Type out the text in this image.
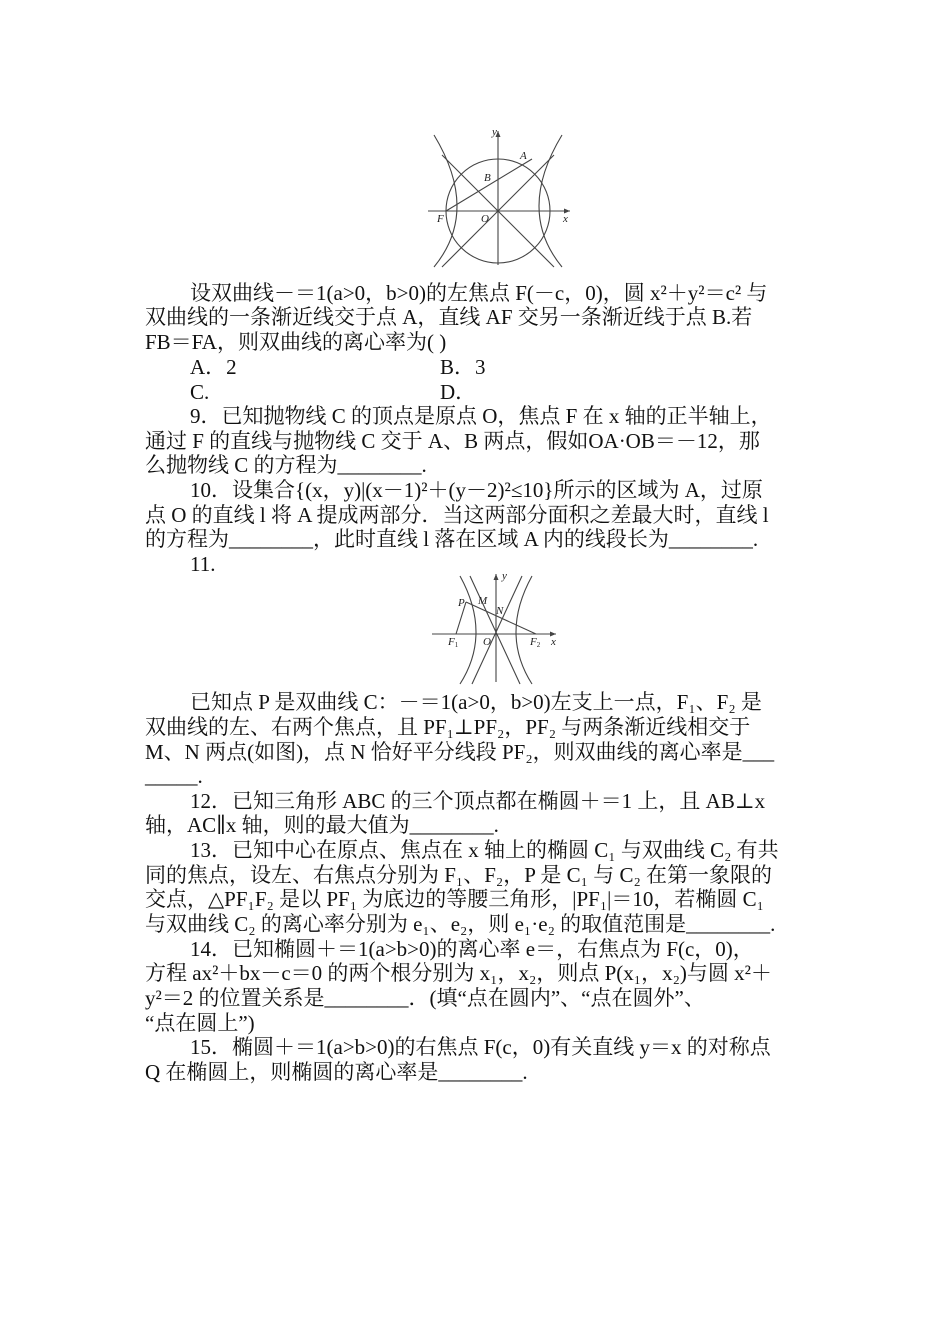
y
x
A
B
F	O
y
x
P M
N
F1 O	F2
设双曲线－＝1(a>0，b>0)的左焦点 F(－c，0)，圆 x²＋y²＝c² 与
双曲线的一条渐近线交于点 A，直线 AF 交另一条渐近线于点 B.若
FB＝FA，则双曲线的离心率为( )
A．2	B．3
C.	D．
9．已知抛物线 C 的顶点是原点 O，焦点 F 在 x 轴的正半轴上，
通过 F 的直线与抛物线 C 交于 A、B 两点，假如OA·OB＝－12，那
么抛物线 C 的方程为________.
10．设集合{(x，y)|(x－1)²＋(y－2)²≤10}所示的区域为 A，过原
点 O 的直线 l 将 A 提成两部分．当这两部分面积之差最大时，直线 l
的方程为________，此时直线 l 落在区域 A 内的线段长为________.
11.
已知点 P 是双曲线 C：－＝1(a>0，b>0)左支上一点，F₁、F₂ 是
双曲线的左、右两个焦点，且 PF₁⊥PF₂，PF₂ 与两条渐近线相交于
M、N 两点(如图)，点 N 恰好平分线段 PF₂，则双曲线的离心率是___
_____.
12．已知三角形 ABC 的三个顶点都在椭圆＋＝1 上，且 AB⊥x
轴，AC∥x 轴，则的最大值为________.
13．已知中心在原点、焦点在 x 轴上的椭圆 C₁ 与双曲线 C₂ 有共
同的焦点，设左、右焦点分别为 F₁、F₂，P 是 C₁ 与 C₂ 在第一象限的
交点，△PF₁F₂ 是以 PF₁ 为底边的等腰三角形，|PF₁|＝10，若椭圆 C₁
与双曲线 C₂ 的离心率分别为 e₁、e₂，则 e₁·e₂ 的取值范围是________.
14．已知椭圆＋＝1(a>b>0)的离心率 e＝，右焦点为 F(c，0)，
方程 ax²＋bx－c＝0 的两个根分别为 x₁，x₂，则点 P(x₁，x₂)与圆 x²＋
y²＝2 的位置关系是________．(填“点在圆内”、“点在圆外”、
“点在圆上”)
15．椭圆＋＝1(a>b>0)的右焦点 F(c，0)有关直线 y＝x 的对称点
Q 在椭圆上，则椭圆的离心率是________.
